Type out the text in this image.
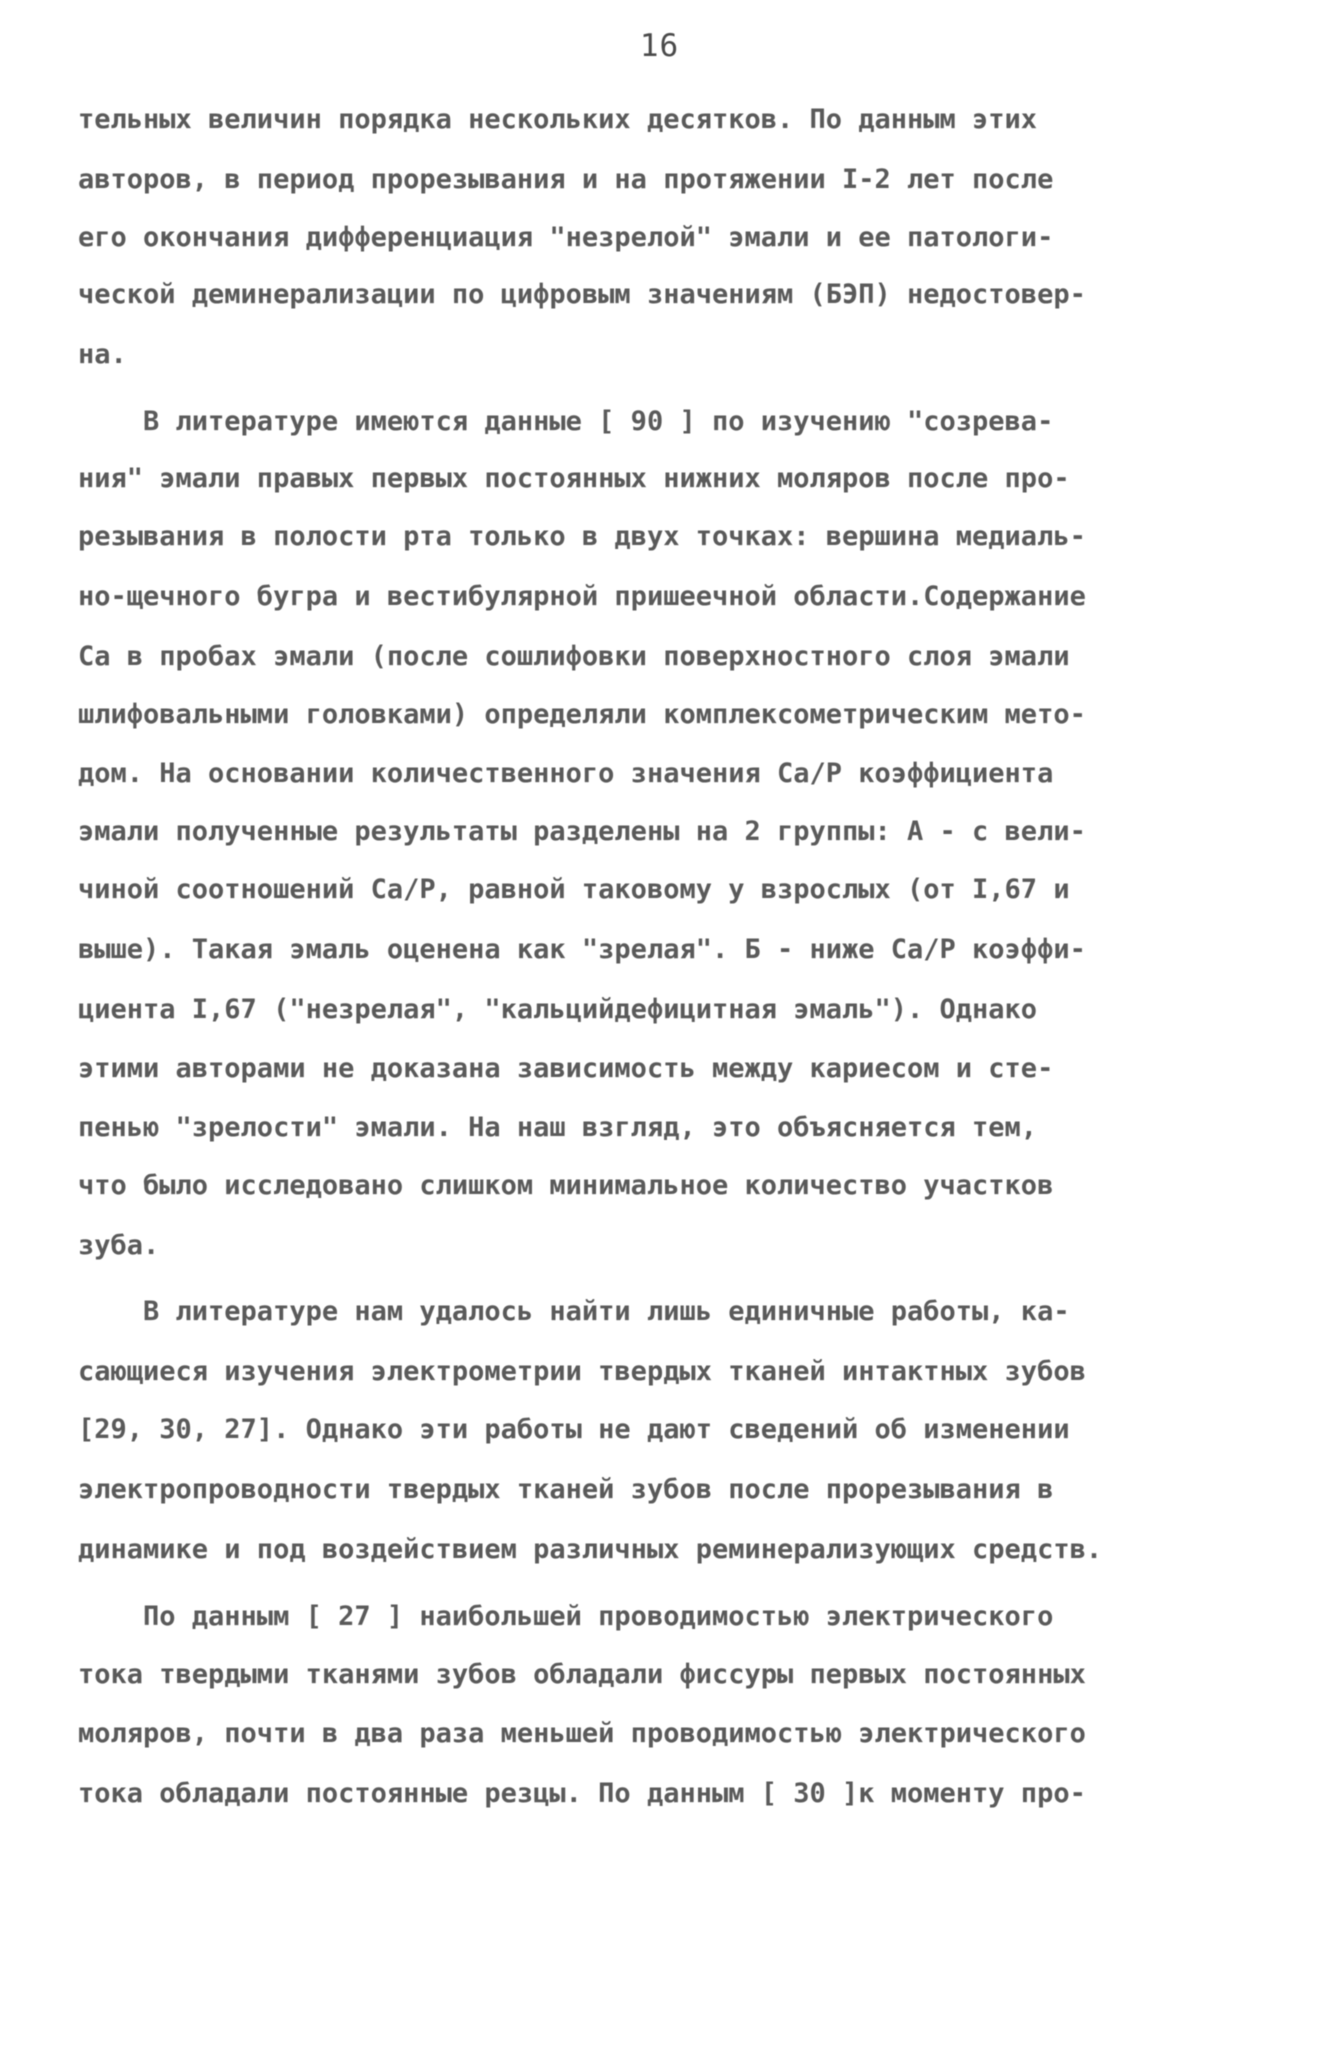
16
тельных величин порядка нескольких десятков. По данным этих
авторов, в период прорезывания и на протяжении I-2 лет после
его окончания дифференциация "незрелой" эмали и ее патологи-
ческой деминерализации по цифровым значениям (БЭП) недостовер-
на.
В литературе имеются данные [ 90 ] по изучению "созрева-
ния" эмали правых первых постоянных нижних моляров после про-
резывания в полости рта только в двух точках: вершина медиаль-
но-щечного бугра и вестибулярной пришеечной области.Содержание
Са в пробах эмали (после сошлифовки поверхностного слоя эмали
шлифовальными головками) определяли комплексометрическим мето-
дом. На основании количественного значения Са/Р коэффициента
эмали полученные результаты разделены на 2 группы: А - с вели-
чиной соотношений Са/Р, равной таковому у взрослых (от I,67 и
выше). Такая эмаль оценена как "зрелая". Б - ниже Са/Р коэффи-
циента I,67 ("незрелая", "кальцийдефицитная эмаль"). Однако
этими авторами не доказана зависимость между кариесом и сте-
пенью "зрелости" эмали. На наш взгляд, это объясняется тем,
что было исследовано слишком минимальное количество участков
зуба.
В литературе нам удалось найти лишь единичные работы, ка-
сающиеся изучения электрометрии твердых тканей интактных зубов
[29, 30, 27]. Однако эти работы не дают сведений об изменении
электропроводности твердых тканей зубов после прорезывания в
динамике и под воздействием различных реминерализующих средств.
По данным [ 27 ] наибольшей проводимостью электрического
тока твердыми тканями зубов обладали фиссуры первых постоянных
моляров, почти в два раза меньшей проводимостью электрического
тока обладали постоянные резцы. По данным [ 30 ]к моменту про-
